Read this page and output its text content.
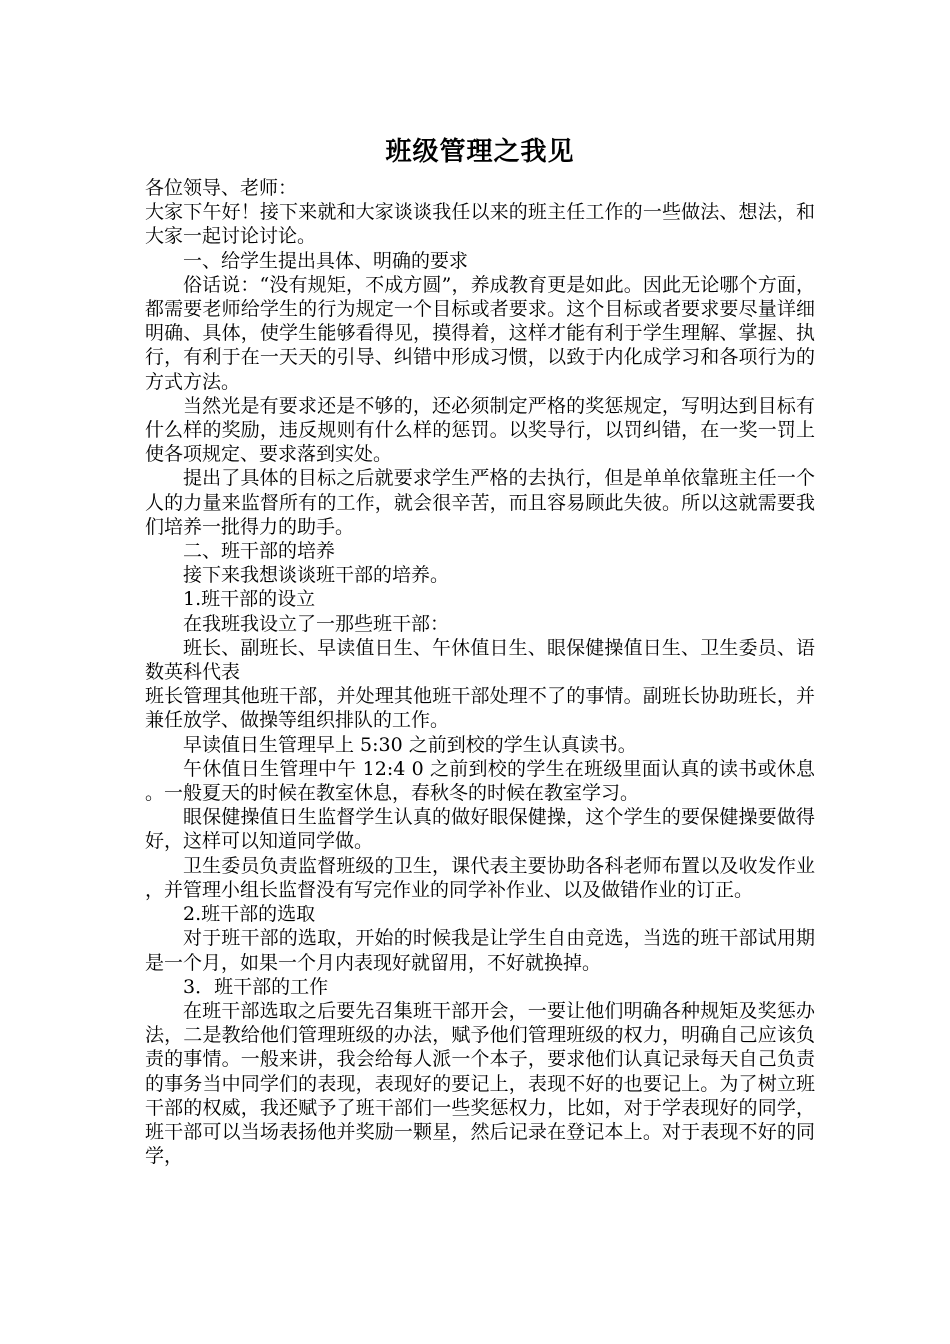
班级管理之我见

各位领导、老师：

大家下午好！接下来就和大家谈谈我任以来的班主任工作的一些做法、想法，和大家一起讨论讨论。

一、给学生提出具体、明确的要求

俗话说：“没有规矩，不成方圆”，养成教育更是如此。因此无论哪个方面，都需要老师给学生的行为规定一个目标或者要求。这个目标或者要求要尽量详细明确、具体，使学生能够看得见，摸得着，这样才能有利于学生理解、掌握、执行，有利于在一天天的引导、纠错中形成习惯，以致于内化成学习和各项行为的方式方法。

当然光是有要求还是不够的，还必须制定严格的奖惩规定，写明达到目标有什么样的奖励，违反规则有什么样的惩罚。以奖导行，以罚纠错，在一奖一罚上使各项规定、要求落到实处。

提出了具体的目标之后就要求学生严格的去执行，但是单单依靠班主任一个人的力量来监督所有的工作，就会很辛苦，而且容易顾此失彼。所以这就需要我们培养一批得力的助手。

二、班干部的培养

接下来我想谈谈班干部的培养。

1.班干部的设立

在我班我设立了一那些班干部：

班长、副班长、早读值日生、午休值日生、眼保健操值日生、卫生委员、语数英科代表

班长管理其他班干部，并处理其他班干部处理不了的事情。副班长协助班长，并兼任放学、做操等组织排队的工作。

早读值日生管理早上 5:30 之前到校的学生认真读书。

午休值日生管理中午 12:4 0 之前到校的学生在班级里面认真的读书或休息。一般夏天的时候在教室休息，春秋冬的时候在教室学习。

眼保健操值日生监督学生认真的做好眼保健操，这个学生的要保健操要做得好，这样可以知道同学做。

卫生委员负责监督班级的卫生，课代表主要协助各科老师布置以及收发作业，并管理小组长监督没有写完作业的同学补作业、以及做错作业的订正。

2.班干部的选取

对于班干部的选取，开始的时候我是让学生自由竞选，当选的班干部试用期是一个月，如果一个月内表现好就留用，不好就换掉。

3．班干部的工作

在班干部选取之后要先召集班干部开会，一要让他们明确各种规矩及奖惩办法，二是教给他们管理班级的办法，赋予他们管理班级的权力，明确自己应该负责的事情。一般来讲，我会给每人派一个本子，要求他们认真记录每天自己负责的事务当中同学们的表现，表现好的要记上，表现不好的也要记上。为了树立班干部的权威，我还赋予了班干部们一些奖惩权力，比如，对于学表现好的同学，班干部可以当场表扬他并奖励一颗星，然后记录在登记本上。对于表现不好的同学，
